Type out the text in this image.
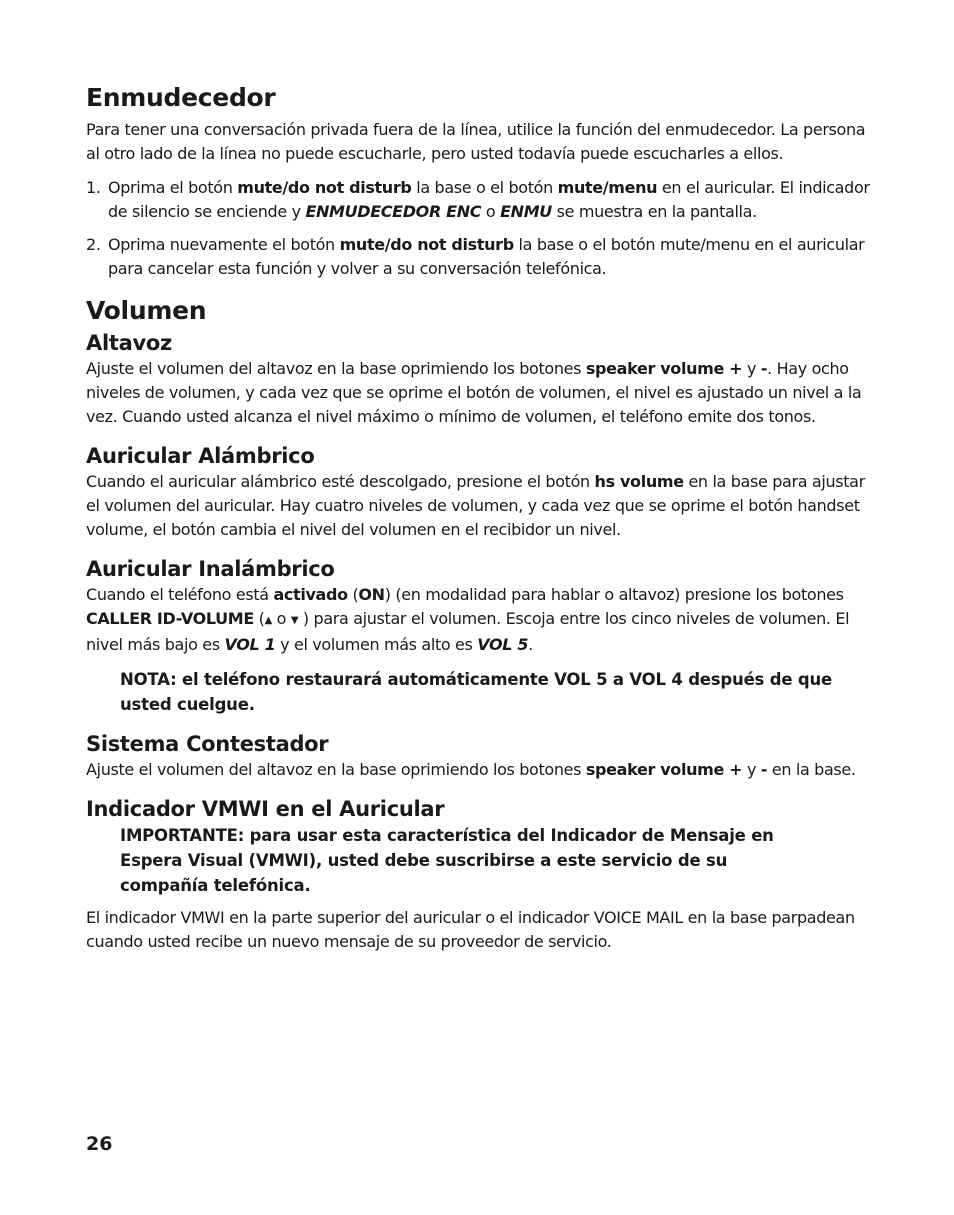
Enmudecedor

Para tener una conversación privada fuera de la línea, utilice la función del enmudecedor. La persona al otro lado de la línea no puede escucharle, pero usted todavía puede escucharles a ellos.

1. Oprima el botón mute/do not disturb la base o el botón mute/menu en el auricular. El indicador de silencio se enciende y ENMUDECEDOR ENC o ENMU se muestra en la pantalla.
2. Oprima nuevamente el botón mute/do not disturb la base o el botón mute/menu en el auricular para cancelar esta función y volver a su conversación telefónica.
Volumen
Altavoz

Ajuste el volumen del altavoz en la base oprimiendo los botones speaker volume + y -. Hay ocho niveles de volumen, y cada vez que se oprime el botón de volumen, el nivel es ajustado un nivel a la vez. Cuando usted alcanza el nivel máximo o mínimo de volumen, el teléfono emite dos tonos.

Auricular Alámbrico

Cuando el auricular alámbrico esté descolgado, presione el botón hs volume en la base para ajustar el volumen del auricular. Hay cuatro niveles de volumen, y cada vez que se oprime el botón handset volume, el botón cambia el nivel del volumen en el recibidor un nivel.

Auricular Inalámbrico

Cuando el teléfono está activado (ON) (en modalidad para hablar o altavoz) presione los botones CALLER ID-VOLUME (▲ o ▼ ) para ajustar el volumen. Escoja entre los cinco niveles de volumen. El nivel más bajo es VOL 1 y el volumen más alto es VOL 5.

NOTA: el teléfono restaurará automáticamente VOL 5 a VOL 4 después de que usted cuelgue.

Sistema Contestador

Ajuste el volumen del altavoz en la base oprimiendo los botones speaker volume + y - en la base.

Indicador VMWI en el Auricular

IMPORTANTE: para usar esta característica del Indicador de Mensaje en Espera Visual (VMWI), usted debe suscribirse a este servicio de su compañía telefónica.

El indicador VMWI en la parte superior del auricular o el indicador VOICE MAIL en la base parpadean cuando usted recibe un nuevo mensaje de su proveedor de servicio.

26
